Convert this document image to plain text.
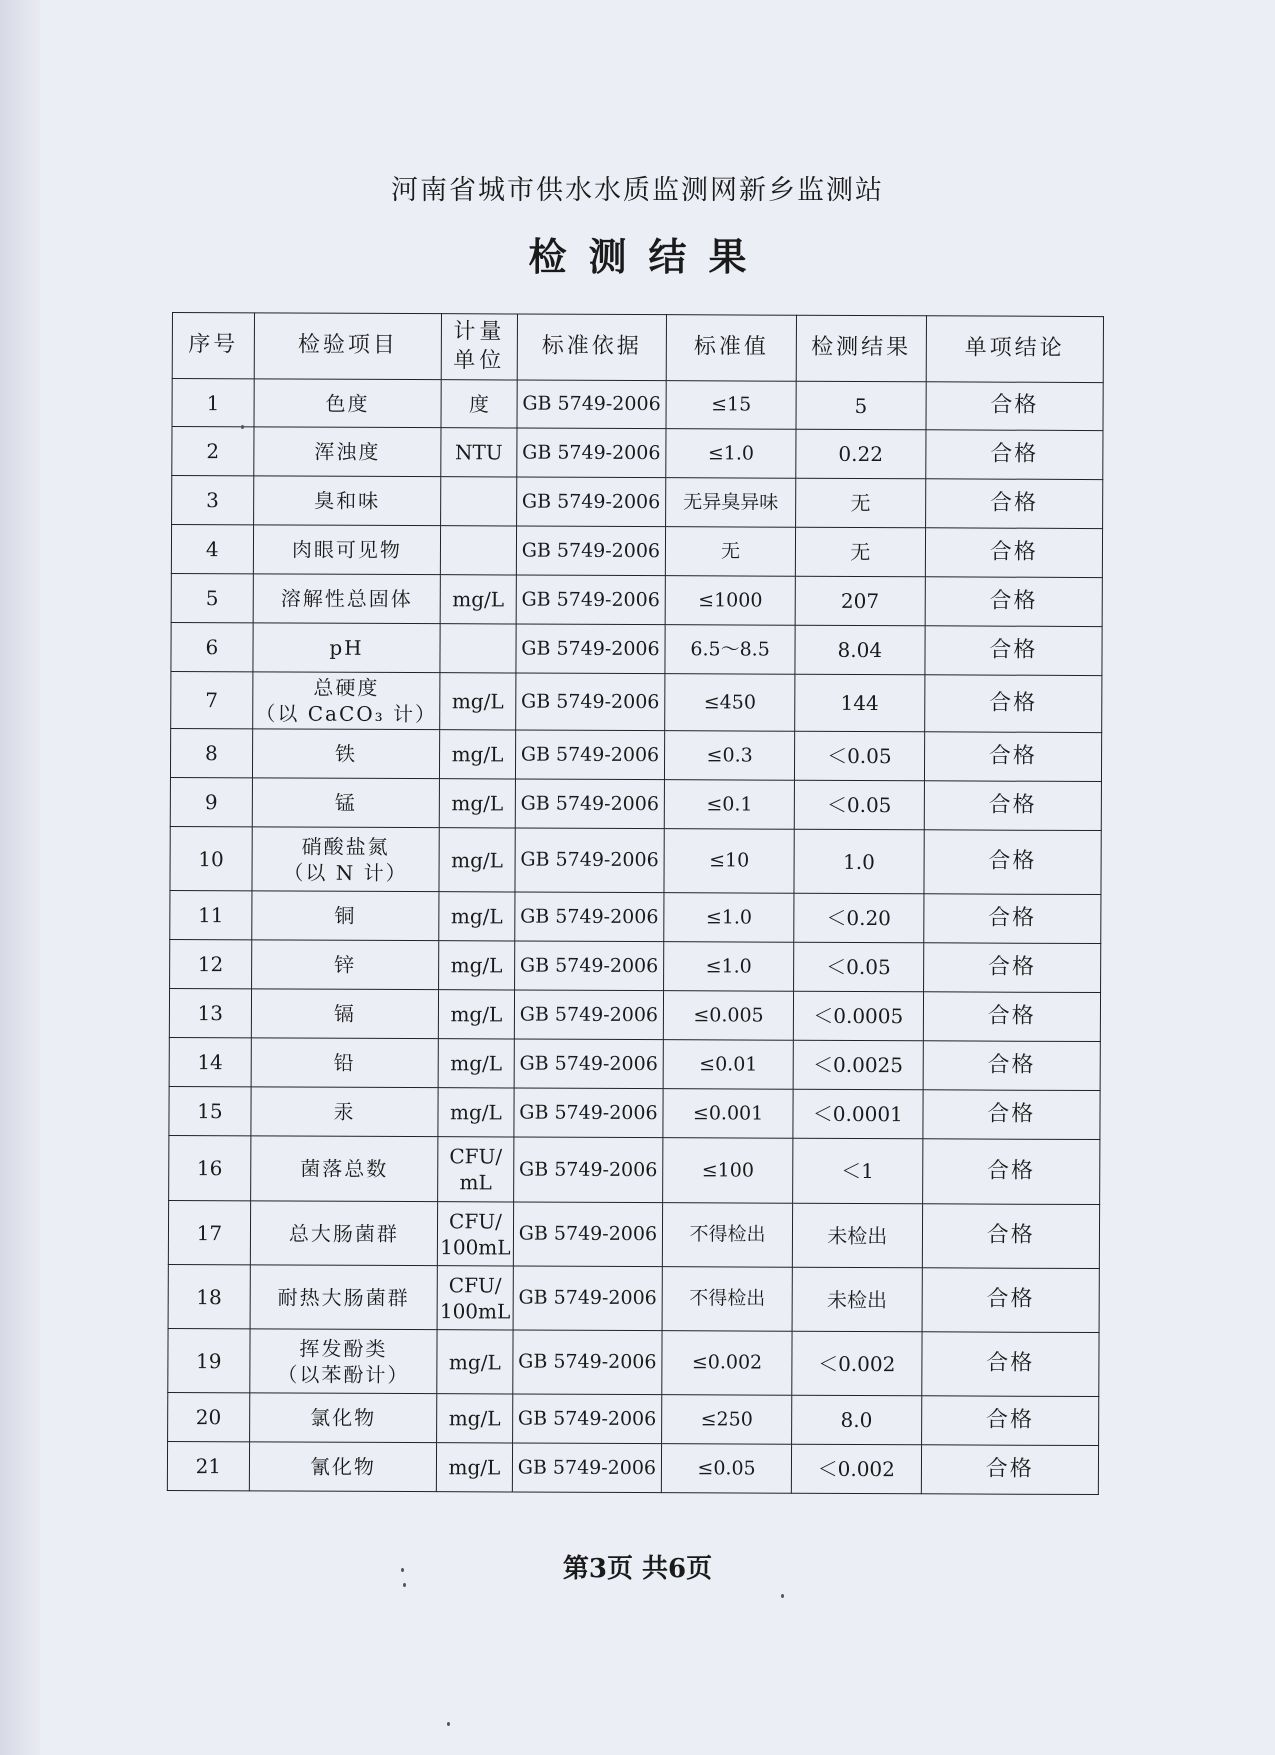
河南省城市供水水质监测网新乡监测站
检测结果
序号	检验项目	计量单位	标准依据	标准值	检测结果	单项结论
1	色度	度	GB 5749-2006	≤15	5	合格
2	浑浊度	NTU	GB 5749-2006	≤1.0	0.22	合格
3	臭和味		GB 5749-2006	无异臭异味	无	合格
4	肉眼可见物		GB 5749-2006	无	无	合格
5	溶解性总固体	mg/L	GB 5749-2006	≤1000	207	合格
6	pH		GB 5749-2006	6.5～8.5	8.04	合格
7	总硬度
（以 CaCO₃ 计）	mg/L	GB 5749-2006	≤450	144	合格
8	铁	mg/L	GB 5749-2006	≤0.3	＜0.05	合格
9	锰	mg/L	GB 5749-2006	≤0.1	＜0.05	合格
10	硝酸盐氮
（以 N 计）	mg/L	GB 5749-2006	≤10	1.0	合格
11	铜	mg/L	GB 5749-2006	≤1.0	＜0.20	合格
12	锌	mg/L	GB 5749-2006	≤1.0	＜0.05	合格
13	镉	mg/L	GB 5749-2006	≤0.005	＜0.0005	合格
14	铅	mg/L	GB 5749-2006	≤0.01	＜0.0025	合格
15	汞	mg/L	GB 5749-2006	≤0.001	＜0.0001	合格
16	菌落总数	CFU/
mL	GB 5749-2006	≤100	＜1	合格
17	总大肠菌群	CFU/
100mL	GB 5749-2006	不得检出	未检出	合格
18	耐热大肠菌群	CFU/
100mL	GB 5749-2006	不得检出	未检出	合格
19	挥发酚类
（以苯酚计）	mg/L	GB 5749-2006	≤0.002	＜0.002	合格
20	氯化物	mg/L	GB 5749-2006	≤250	8.0	合格
21	氰化物	mg/L	GB 5749-2006	≤0.05	＜0.002	合格
第3页 共6页
